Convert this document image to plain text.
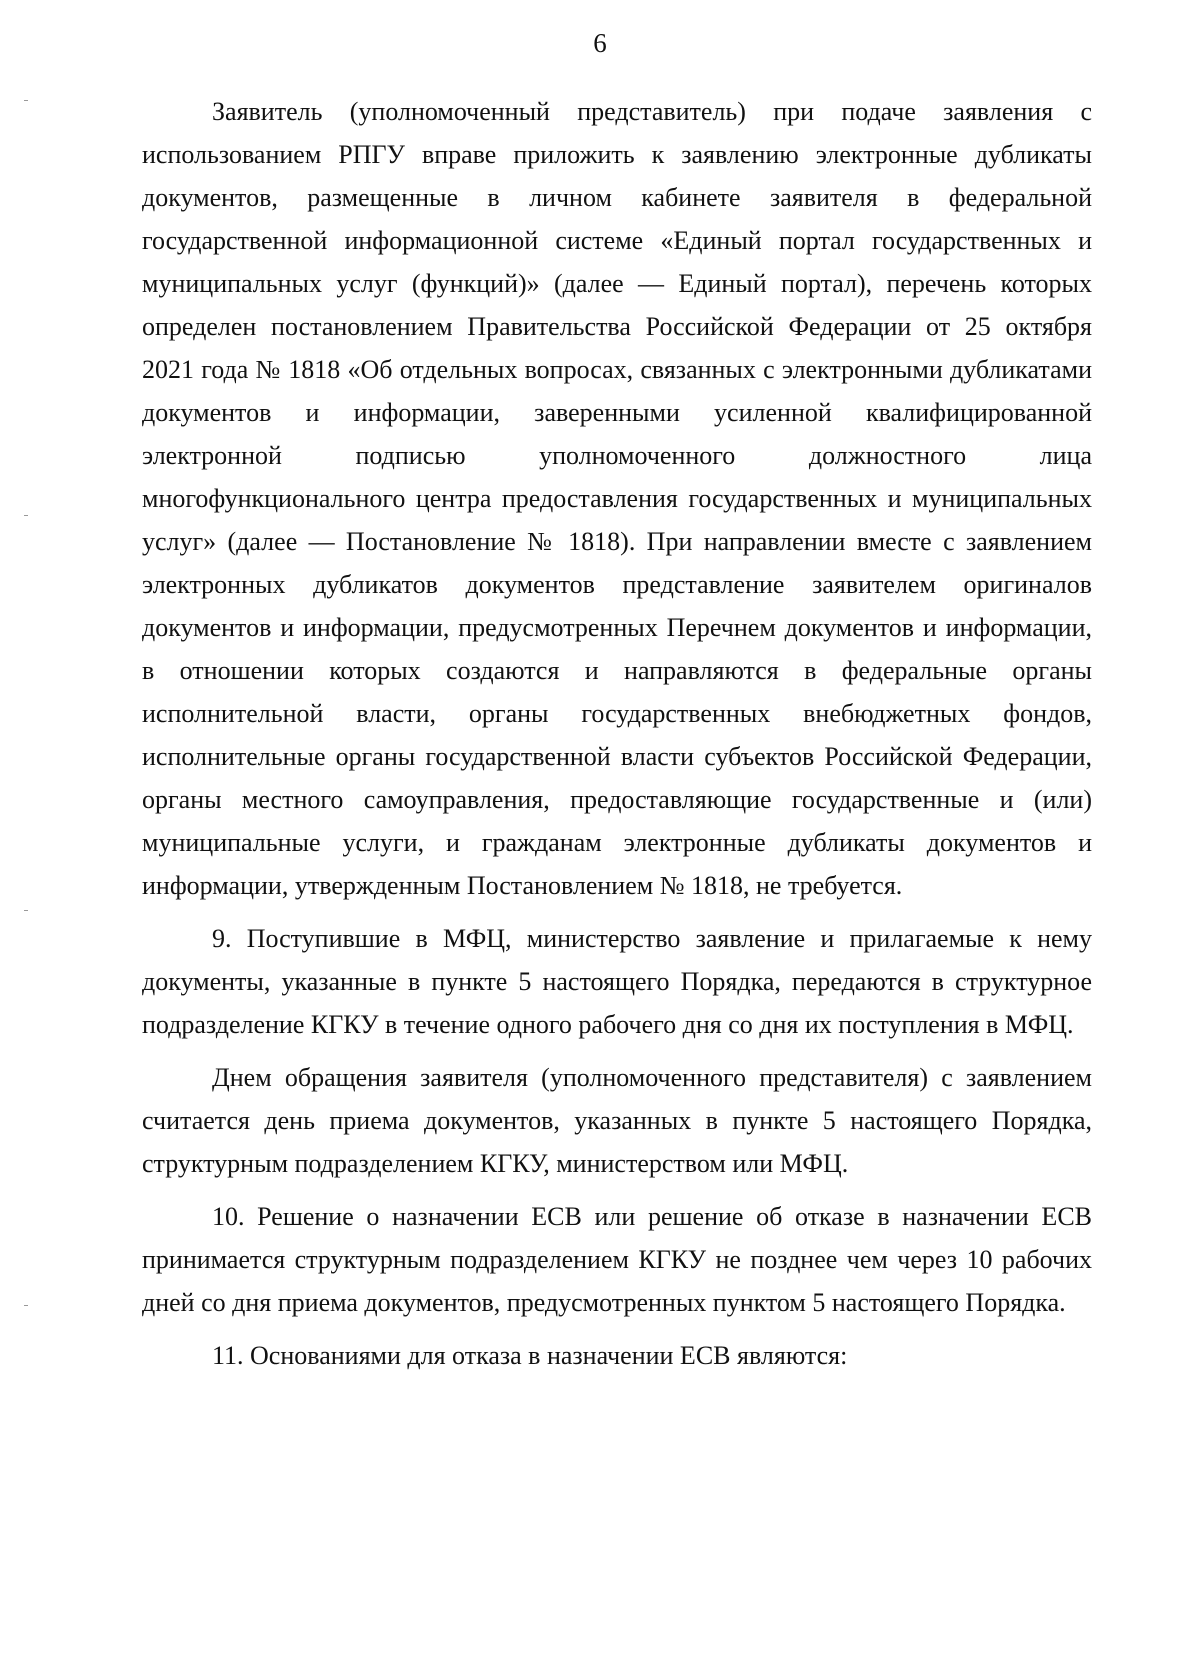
6

Заявитель (уполномоченный представитель) при подаче заявления с использованием РПГУ вправе приложить к заявлению электронные дубликаты документов, размещенные в личном кабинете заявителя в федеральной государственной информационной системе «Единый портал государственных и муниципальных услуг (функций)» (далее — Единый портал), перечень которых определен постановлением Правительства Российской Федерации от 25 октября 2021 года № 1818 «Об отдельных вопросах, связанных с электронными дубликатами документов и информации, заверенными усиленной квалифицированной электронной подписью уполномоченного должностного лица многофункционального центра предоставления государственных и муниципальных услуг» (далее — Постановление № 1818). При направлении вместе с заявлением электронных дубликатов документов представление заявителем оригиналов документов и информации, предусмотренных Перечнем документов и информации, в отношении которых создаются и направляются в федеральные органы исполнительной власти, органы государственных внебюджетных фондов, исполнительные органы государственной власти субъектов Российской Федерации, органы местного самоуправления, предоставляющие государственные и (или) муниципальные услуги, и гражданам электронные дубликаты документов и информации, утвержденным Постановлением № 1818, не требуется.

9. Поступившие в МФЦ, министерство заявление и прилагаемые к нему документы, указанные в пункте 5 настоящего Порядка, передаются в структурное подразделение КГКУ в течение одного рабочего дня со дня их поступления в МФЦ.

Днем обращения заявителя (уполномоченного представителя) с заявлением считается день приема документов, указанных в пункте 5 настоящего Порядка, структурным подразделением КГКУ, министерством или МФЦ.

10. Решение о назначении ЕСВ или решение об отказе в назначении ЕСВ принимается структурным подразделением КГКУ не позднее чем через 10 рабочих дней со дня приема документов, предусмотренных пунктом 5 настоящего Порядка.

11. Основаниями для отказа в назначении ЕСВ являются:
